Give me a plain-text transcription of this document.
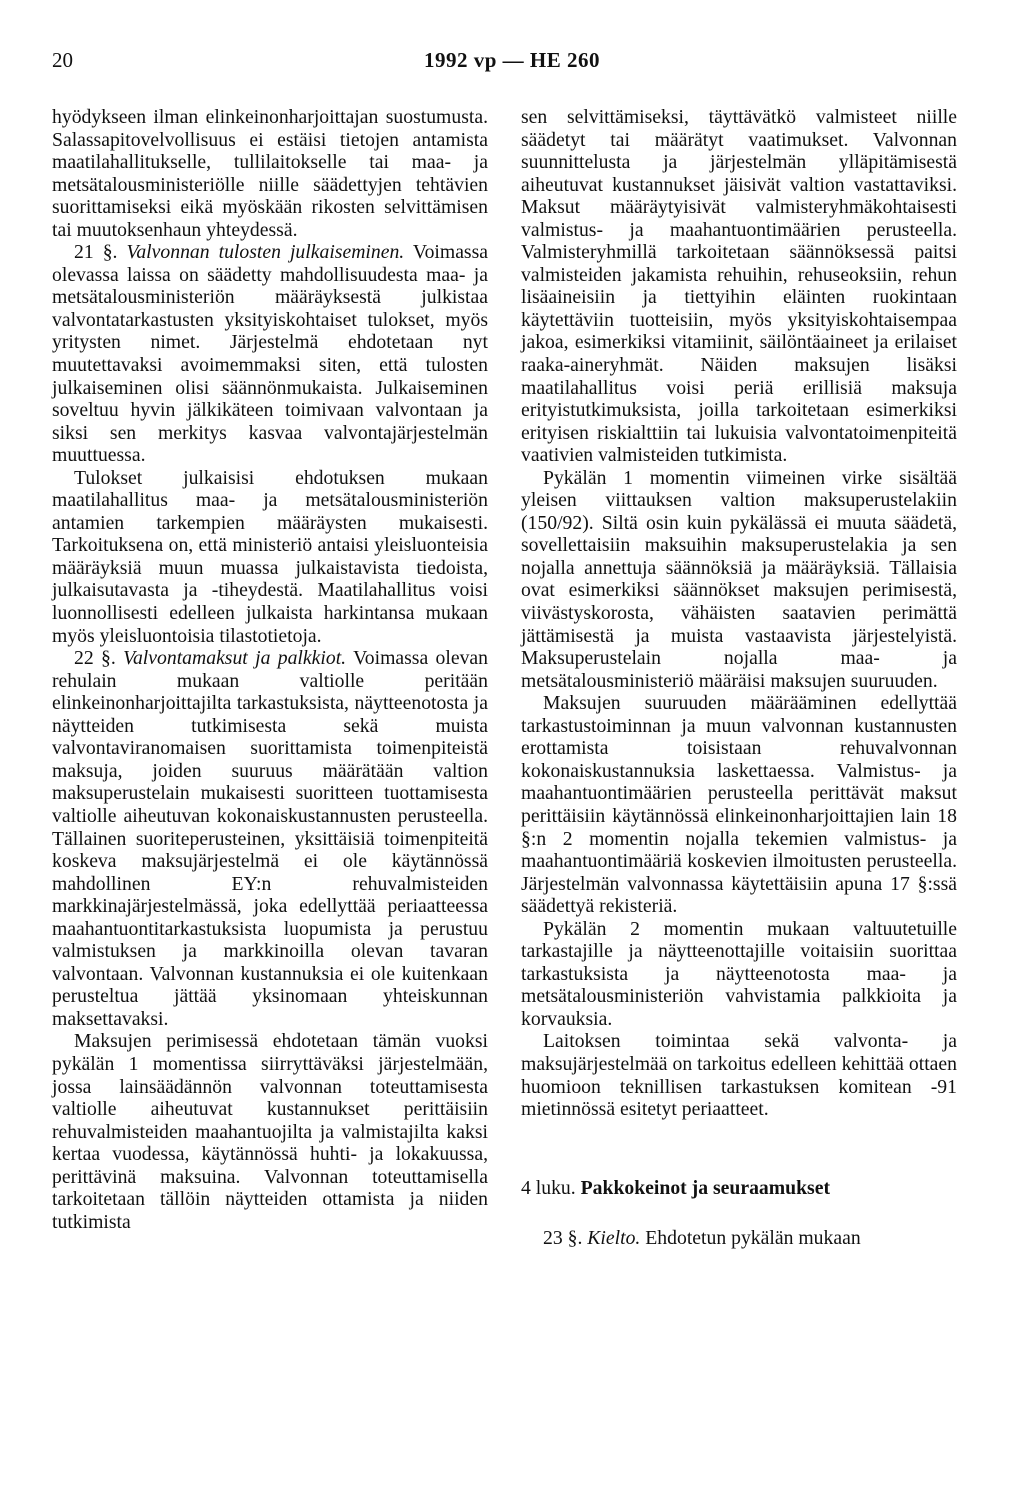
20	1992 vp — HE 260

hyödykseen ilman elinkeinonharjoittajan suostumusta. Salassapitovelvollisuus ei estäisi tietojen antamista maatilahallitukselle, tullilaitokselle tai maa- ja metsätalousministeriölle niille säädettyjen tehtävien suorittamiseksi eikä myöskään rikosten selvittämisen tai muutoksenhaun yhteydessä.

21 §. Valvonnan tulosten julkaiseminen. Voimassa olevassa laissa on säädetty mahdollisuudesta maa- ja metsätalousministeriön määräyksestä julkistaa valvontatarkastusten yksityiskohtaiset tulokset, myös yritysten nimet. Järjestelmä ehdotetaan nyt muutettavaksi avoimemmaksi siten, että tulosten julkaiseminen olisi säännönmukaista. Julkaiseminen soveltuu hyvin jälkikäteen toimivaan valvontaan ja siksi sen merkitys kasvaa valvontajärjestelmän muuttuessa.

Tulokset julkaisisi ehdotuksen mukaan maatilahallitus maa- ja metsätalousministeriön antamien tarkempien määräysten mukaisesti. Tarkoituksena on, että ministeriö antaisi yleisluonteisia määräyksiä muun muassa julkaistavista tiedoista, julkaisutavasta ja -tiheydestä. Maatilahallitus voisi luonnollisesti edelleen julkaista harkintansa mukaan myös yleisluontoisia tilastotietoja.

22 §. Valvontamaksut ja palkkiot. Voimassa olevan rehulain mukaan valtiolle peritään elinkeinonharjoittajilta tarkastuksista, näytteenotosta ja näytteiden tutkimisesta sekä muista valvontaviranomaisen suorittamista toimenpiteistä maksuja, joiden suuruus määrätään valtion maksuperustelain mukaisesti suoritteen tuottamisesta valtiolle aiheutuvan kokonaiskustannusten perusteella. Tällainen suoriteperusteinen, yksittäisiä toimenpiteitä koskeva maksujärjestelmä ei ole käytännössä mahdollinen EY:n rehuvalmisteiden markkinajärjestelmässä, joka edellyttää periaatteessa maahantuontitarkastuksista luopumista ja perustuu valmistuksen ja markkinoilla olevan tavaran valvontaan. Valvonnan kustannuksia ei ole kuitenkaan perusteltua jättää yksinomaan yhteiskunnan maksettavaksi.

Maksujen perimisessä ehdotetaan tämän vuoksi pykälän 1 momentissa siirryttäväksi järjestelmään, jossa lainsäädännön valvonnan toteuttamisesta valtiolle aiheutuvat kustannukset perittäisiin rehuvalmisteiden maahantuojilta ja valmistajilta kaksi kertaa vuodessa, käytännössä huhti- ja lokakuussa, perittävinä maksuina. Valvonnan toteuttamisella tarkoitetaan tällöin näytteiden ottamista ja niiden tutkimista

sen selvittämiseksi, täyttävätkö valmisteet niille säädetyt tai määrätyt vaatimukset. Valvonnan suunnittelusta ja järjestelmän ylläpitämisestä aiheutuvat kustannukset jäisivät valtion vastattaviksi. Maksut määräytyisivät valmisteryhmäkohtaisesti valmistus- ja maahantuontimäärien perusteella. Valmisteryhmillä tarkoitetaan säännöksessä paitsi valmisteiden jakamista rehuihin, rehuseoksiin, rehun lisäaineisiin ja tiettyihin eläinten ruokintaan käytettäviin tuotteisiin, myös yksityiskohtaisempaa jakoa, esimerkiksi vitamiinit, säilöntäaineet ja erilaiset raaka-aineryhmät. Näiden maksujen lisäksi maatilahallitus voisi periä erillisiä maksuja erityistutkimuksista, joilla tarkoitetaan esimerkiksi erityisen riskialttiin tai lukuisia valvontatoimenpiteitä vaativien valmisteiden tutkimista.

Pykälän 1 momentin viimeinen virke sisältää yleisen viittauksen valtion maksuperustelakiin (150/92). Siltä osin kuin pykälässä ei muuta säädetä, sovellettaisiin maksuihin maksuperustelakia ja sen nojalla annettuja säännöksiä ja määräyksiä. Tällaisia ovat esimerkiksi säännökset maksujen perimisestä, viivästyskorosta, vähäisten saatavien perimättä jättämisestä ja muista vastaavista järjestelyistä. Maksuperustelain nojalla maa- ja metsätalousministeriö määräisi maksujen suuruuden.

Maksujen suuruuden määrääminen edellyttää tarkastustoiminnan ja muun valvonnan kustannusten erottamista toisistaan rehuvalvonnan kokonaiskustannuksia laskettaessa. Valmistus- ja maahantuontimäärien perusteella perittävät maksut perittäisiin käytännössä elinkeinonharjoittajien lain 18 §:n 2 momentin nojalla tekemien valmistus- ja maahantuontimääriä koskevien ilmoitusten perusteella. Järjestelmän valvonnassa käytettäisiin apuna 17 §:ssä säädettyä rekisteriä.

Pykälän 2 momentin mukaan valtuutetuille tarkastajille ja näytteenottajille voitaisiin suorittaa tarkastuksista ja näytteenotosta maa- ja metsätalousministeriön vahvistamia palkkioita ja korvauksia.

Laitoksen toimintaa sekä valvonta- ja maksujärjestelmää on tarkoitus edelleen kehittää ottaen huomioon teknillisen tarkastuksen komitean -91 mietinnössä esitetyt periaatteet.

4 luku. Pakkokeinot ja seuraamukset

23 §. Kielto. Ehdotetun pykälän mukaan
